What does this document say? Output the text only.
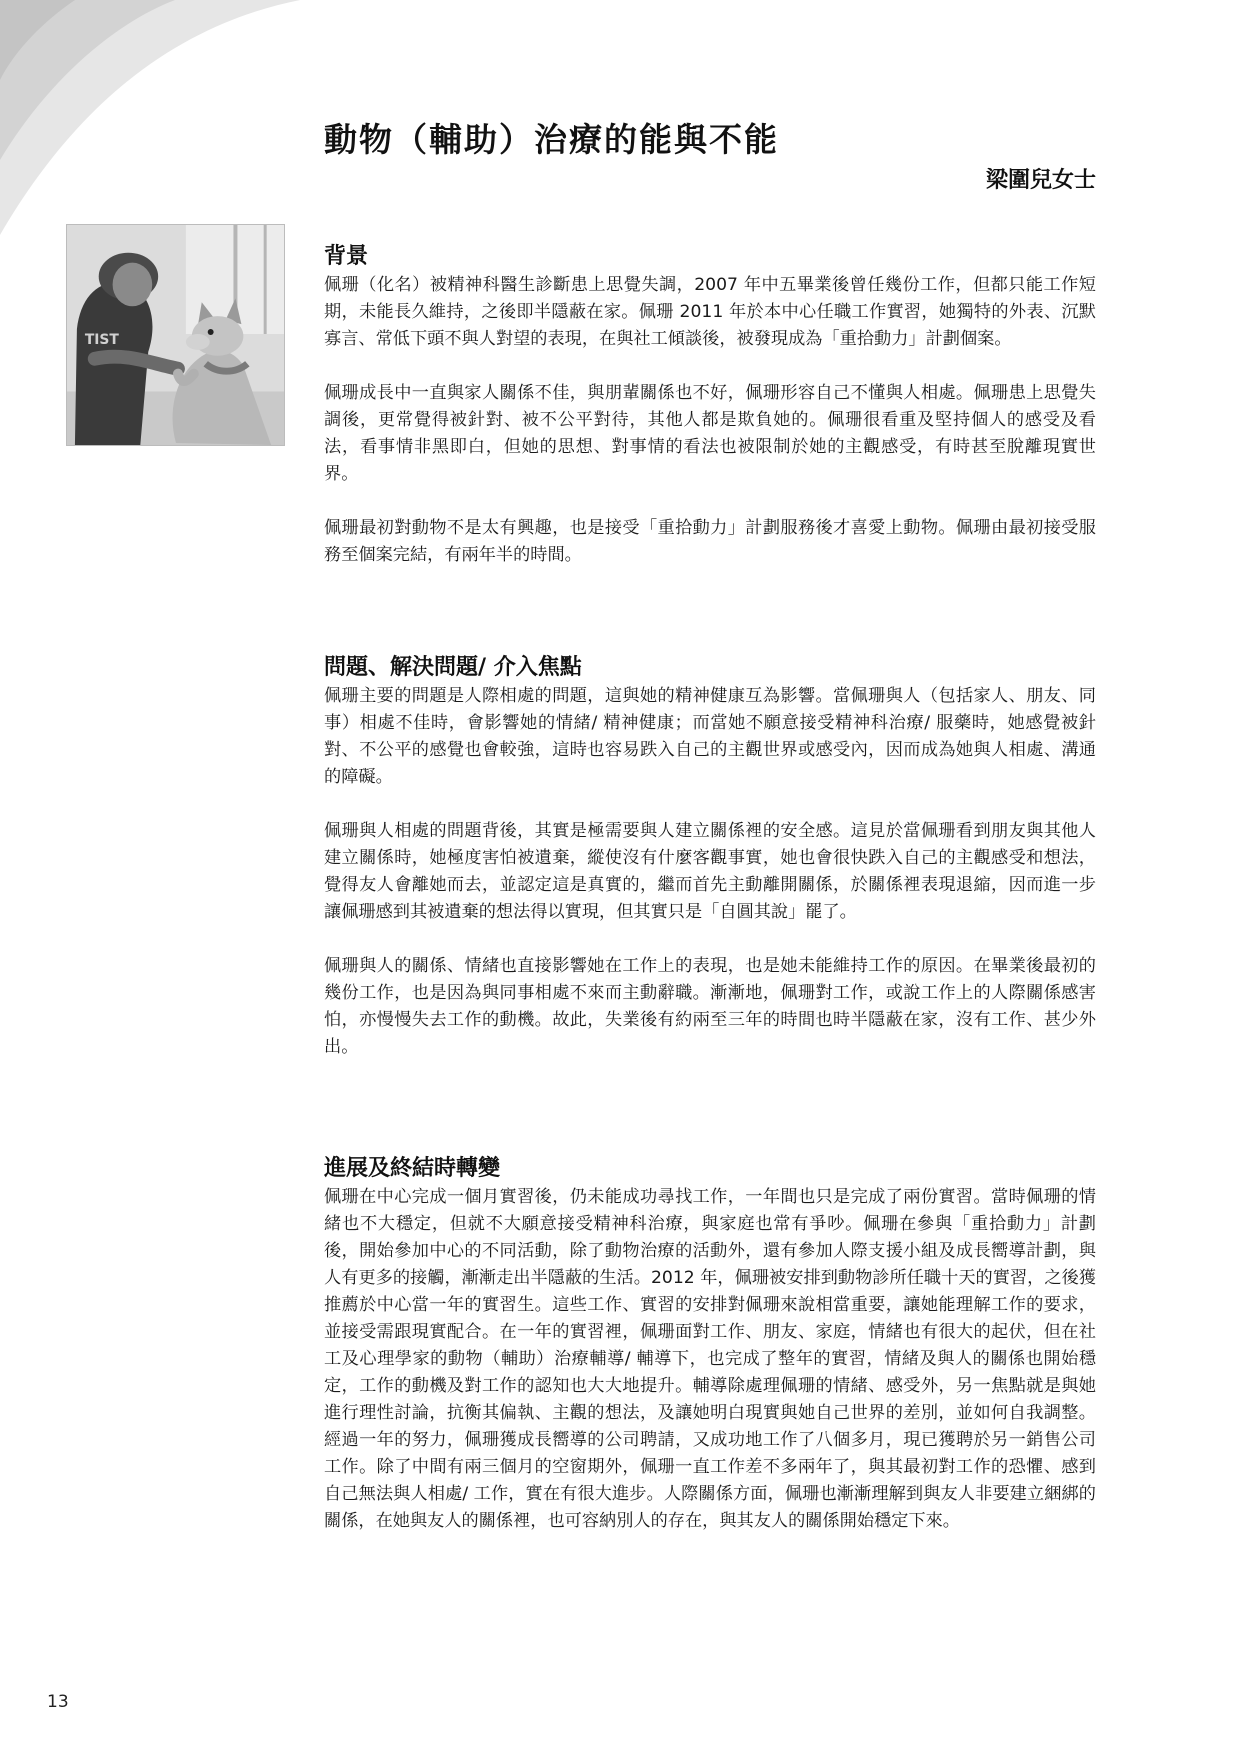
TIST
動物（輔助）治療的能與不能
梁圍兒女士
背景

佩珊（化名）被精神科醫生診斷患上思覺失調，2007 年中五畢業後曾任幾份工作，但都只能工作短期，未能長久維持，之後即半隱蔽在家。佩珊 2011 年於本中心任職工作實習，她獨特的外表、沉默寡言、常低下頭不與人對望的表現，在與社工傾談後，被發現成為「重拾動力」計劃個案。

佩珊成長中一直與家人關係不佳，與朋輩關係也不好，佩珊形容自己不懂與人相處。佩珊患上思覺失調後，更常覺得被針對、被不公平對待，其他人都是欺負她的。佩珊很看重及堅持個人的感受及看法，看事情非黑即白，但她的思想、對事情的看法也被限制於她的主觀感受，有時甚至脫離現實世界。

佩珊最初對動物不是太有興趣，也是接受「重拾動力」計劃服務後才喜愛上動物。佩珊由最初接受服務至個案完結，有兩年半的時間。

問題、解決問題/ 介入焦點

佩珊主要的問題是人際相處的問題，這與她的精神健康互為影響。當佩珊與人（包括家人、朋友、同事）相處不佳時，會影響她的情緒/ 精神健康；而當她不願意接受精神科治療/ 服藥時，她感覺被針對、不公平的感覺也會較強，這時也容易跌入自己的主觀世界或感受內，因而成為她與人相處、溝通的障礙。

佩珊與人相處的問題背後，其實是極需要與人建立關係裡的安全感。這見於當佩珊看到朋友與其他人建立關係時，她極度害怕被遺棄，縱使沒有什麼客觀事實，她也會很快跌入自己的主觀感受和想法，覺得友人會離她而去，並認定這是真實的，繼而首先主動離開關係，於關係裡表現退縮，因而進一步讓佩珊感到其被遺棄的想法得以實現，但其實只是「自圓其說」罷了。

佩珊與人的關係、情緒也直接影響她在工作上的表現，也是她未能維持工作的原因。在畢業後最初的幾份工作，也是因為與同事相處不來而主動辭職。漸漸地，佩珊對工作，或說工作上的人際關係感害怕，亦慢慢失去工作的動機。故此，失業後有約兩至三年的時間也時半隱蔽在家，沒有工作、甚少外出。

進展及終結時轉變

佩珊在中心完成一個月實習後，仍未能成功尋找工作，一年間也只是完成了兩份實習。當時佩珊的情緒也不大穩定，但就不大願意接受精神科治療，與家庭也常有爭吵。佩珊在參與「重拾動力」計劃後，開始參加中心的不同活動，除了動物治療的活動外，還有參加人際支援小組及成長嚮導計劃，與人有更多的接觸，漸漸走出半隱蔽的生活。2012 年，佩珊被安排到動物診所任職十天的實習，之後獲推薦於中心當一年的實習生。這些工作、實習的安排對佩珊來說相當重要，讓她能理解工作的要求，並接受需跟現實配合。在一年的實習裡，佩珊面對工作、朋友、家庭，情緒也有很大的起伏，但在社工及心理學家的動物（輔助）治療輔導/ 輔導下，也完成了整年的實習，情緒及與人的關係也開始穩定，工作的動機及對工作的認知也大大地提升。輔導除處理佩珊的情緒、感受外，另一焦點就是與她進行理性討論，抗衡其偏執、主觀的想法，及讓她明白現實與她自己世界的差別，並如何自我調整。經過一年的努力，佩珊獲成長嚮導的公司聘請，又成功地工作了八個多月，現已獲聘於另一銷售公司工作。除了中間有兩三個月的空窗期外，佩珊一直工作差不多兩年了，與其最初對工作的恐懼、感到自己無法與人相處/ 工作，實在有很大進步。人際關係方面，佩珊也漸漸理解到與友人非要建立綑綁的關係，在她與友人的關係裡，也可容納別人的存在，與其友人的關係開始穩定下來。

13
